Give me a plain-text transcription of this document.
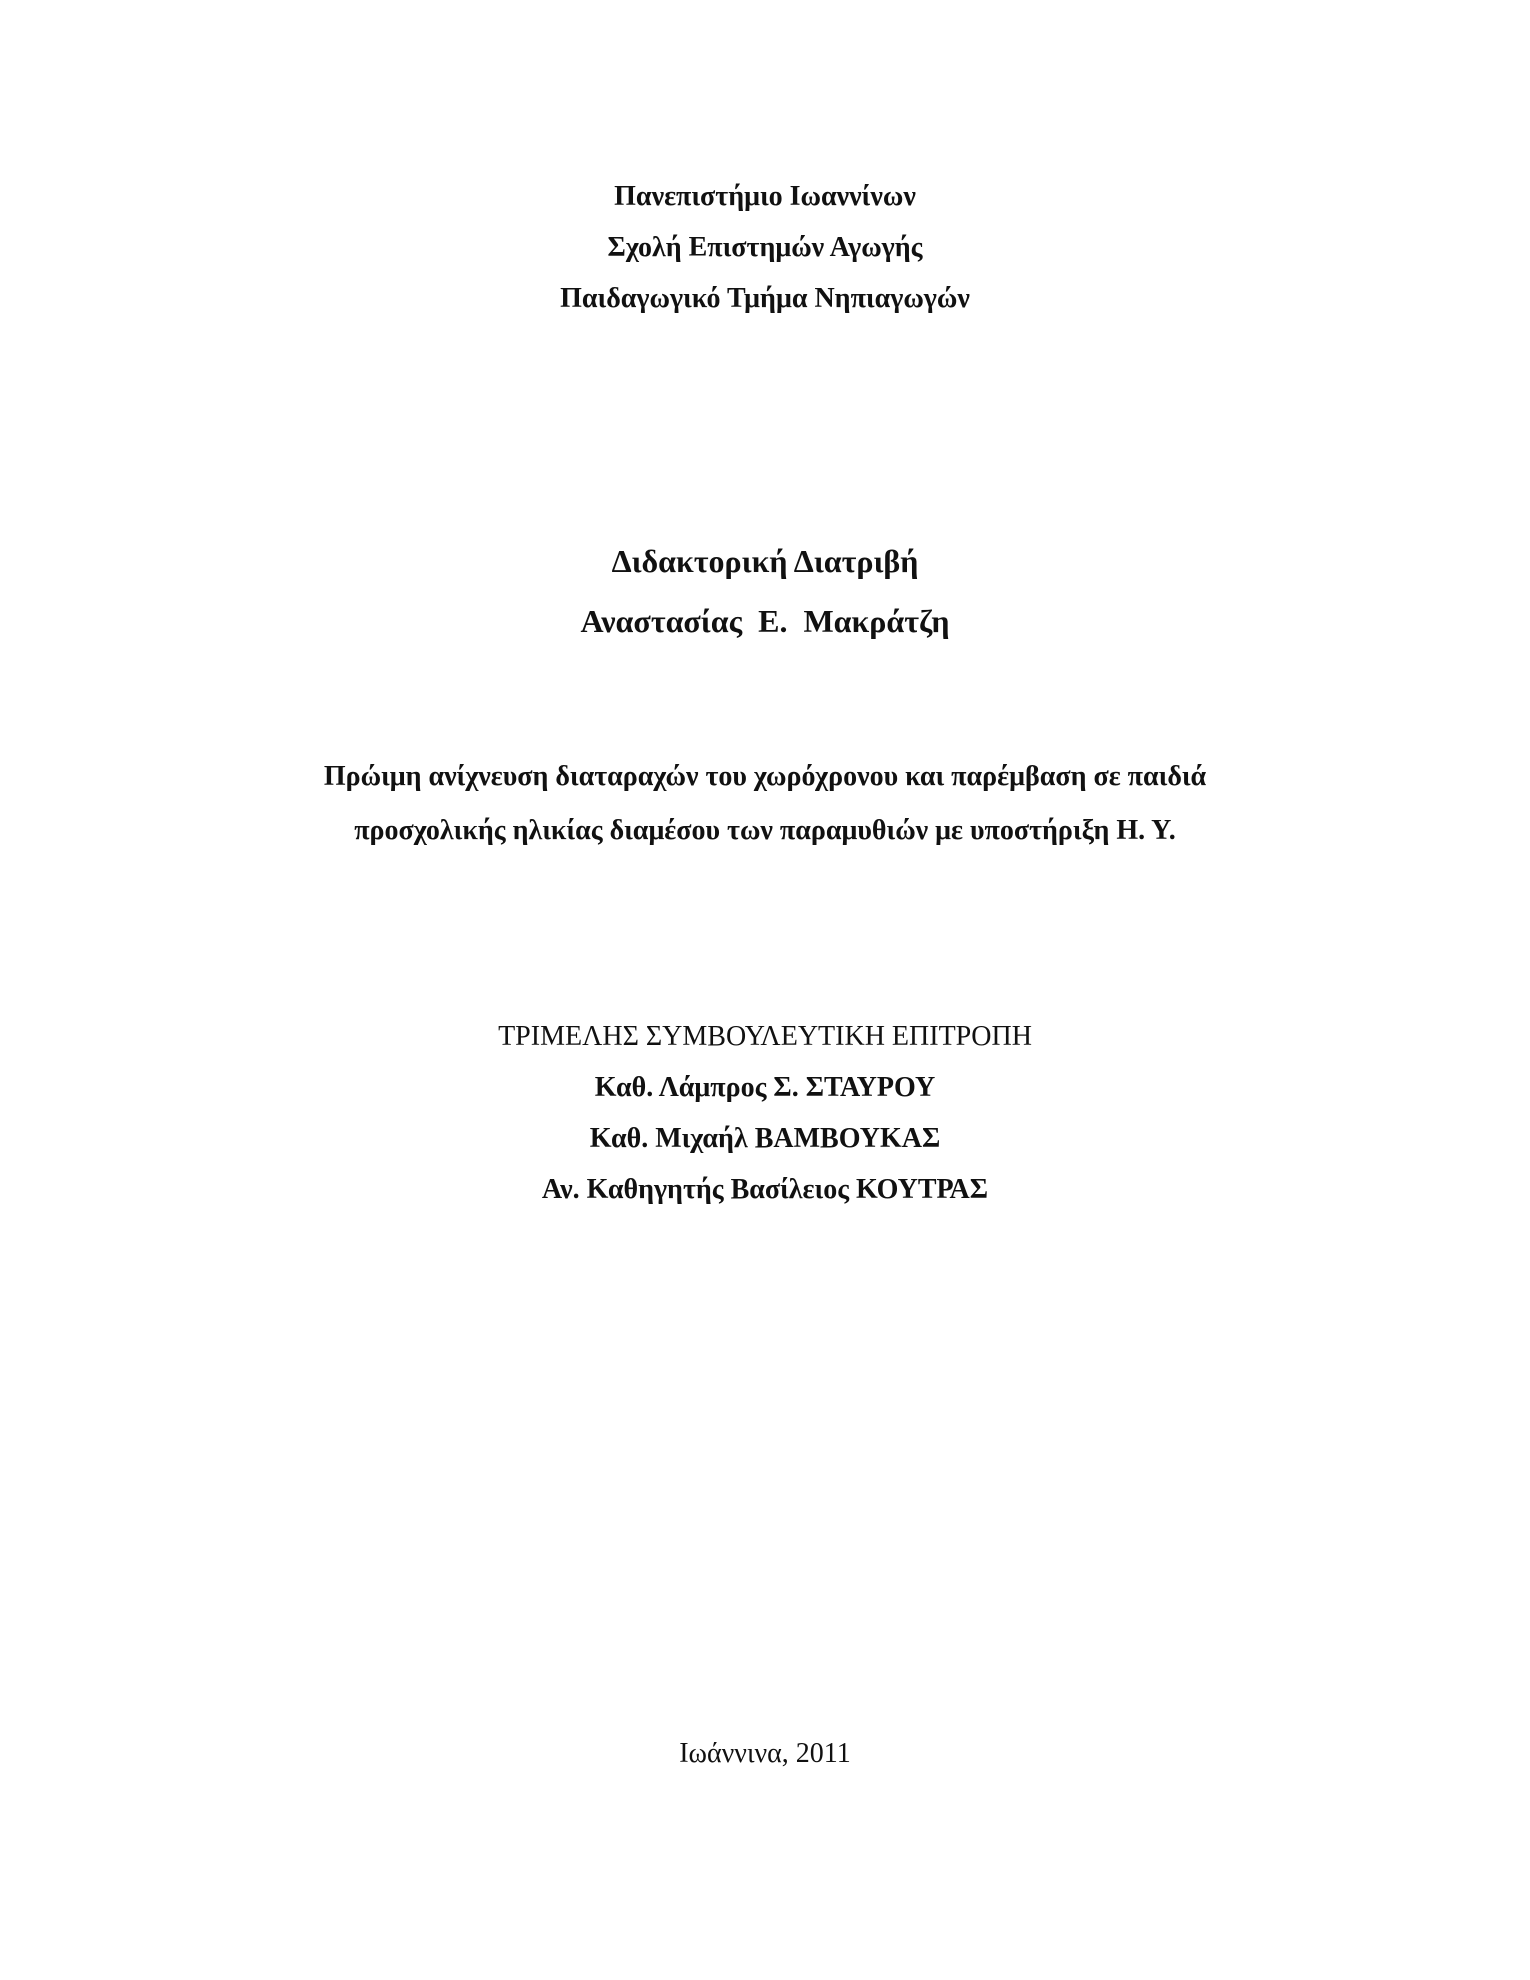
Πανεπιστήμιο Ιωαννίνων
Σχολή Επιστημών Αγωγής
Παιδαγωγικό Τμήμα Νηπιαγωγών
Διδακτορική Διατριβή
Αναστασίας  Ε.  Μακράτζη
Πρώιμη ανίχνευση διαταραχών του χωρόχρονου και παρέμβαση σε παιδιά
προσχολικής ηλικίας διαμέσου των παραμυθιών με υποστήριξη Η. Υ.
ΤΡΙΜΕΛΗΣ ΣΥΜΒΟΥΛΕΥΤΙΚΗ ΕΠΙΤΡΟΠΗ
Καθ. Λάμπρος Σ. ΣΤΑΥΡΟΥ
Καθ. Μιχαήλ ΒΑΜΒΟΥΚΑΣ
Αν. Καθηγητής Βασίλειος ΚΟΥΤΡΑΣ
Ιωάννινα, 2011
